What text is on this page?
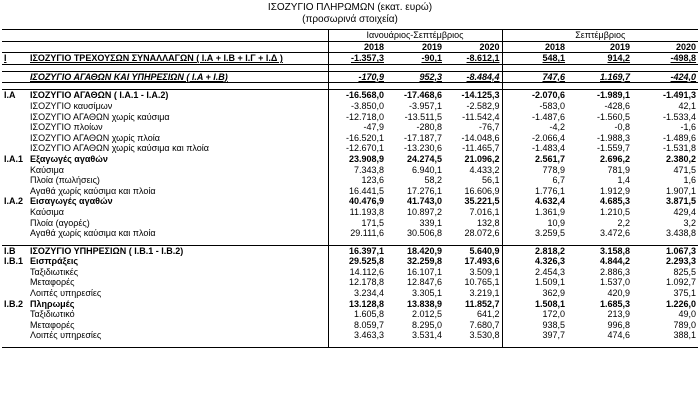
ΙΣΟΖΥΓΙΟ ΠΛΗΡΩΜΩΝ (εκατ. ευρώ)
(προσωρινά στοιχεία)
		Ιανουάριος-Σεπτέμβριος			Σεπτέμβριος		
		2018	2019	2020	2018	2019	2020
I	ΙΣΟΖΥΓΙΟ ΤΡΕΧΟΥΣΩΝ ΣΥΝΑΛΛΑΓΩΝ ( Ι.Α + Ι.Β + Ι.Γ + Ι.Δ )	-1.357,3	-90,1	-8.612,1	548,1	914,2	-498,8

	ΙΣΟΖΥΓΙΟ ΑΓΑΘΩΝ ΚΑΙ ΥΠΗΡΕΣΙΩΝ ( Ι.Α + Ι.Β)	-170,9	952,3	-8.484,4	747,6	1.169,7	-424,0

I.A	ΙΣΟΖΥΓΙΟ ΑΓΑΘΩΝ ( Ι.Α.1 - Ι.Α.2)	-16.568,0	-17.468,6	-14.125,3	-2.070,6	-1.989,1	-1.491,3
	ΙΣΟΖΥΓΙΟ καυσίμων	-3.850,0	-3.957,1	-2.582,9	-583,0	-428,6	42,1
	ΙΣΟΖΥΓΙΟ ΑΓΑΘΩΝ χωρίς καύσιμα	-12.718,0	-13.511,5	-11.542,4	-1.487,6	-1.560,5	-1.533,4
	ΙΣΟΖΥΓΙΟ πλοίων	-47,9	-280,8	-76,7	-4,2	-0,8	-1,6
	ΙΣΟΖΥΓΙΟ ΑΓΑΘΩΝ χωρίς πλοία	-16.520,1	-17.187,7	-14.048,6	-2.066,4	-1.988,3	-1.489,6
	ΙΣΟΖΥΓΙΟ ΑΓΑΘΩΝ χωρίς καύσιμα και πλοία	-12.670,1	-13.230,6	-11.465,7	-1.483,4	-1.559,7	-1.531,8
I.A.1	Εξαγωγές αγαθών	23.908,9	24.274,5	21.096,2	2.561,7	2.696,2	2.380,2
	Καύσιμα	7.343,8	6.940,1	4.433,2	778,9	781,9	471,5
	Πλοία (πωλήσεις)	123,6	58,2	56,1	6,7	1,4	1,6
	Αγαθά χωρίς καύσιμα και πλοία	16.441,5	17.276,1	16.606,9	1.776,1	1.912,9	1.907,1
I.A.2	Εισαγωγές αγαθών	40.476,9	41.743,0	35.221,5	4.632,4	4.685,3	3.871,5
	Καύσιμα	11.193,8	10.897,2	7.016,1	1.361,9	1.210,5	429,4
	Πλοία (αγορές)	171,5	339,1	132,8	10,9	2,2	3,2
	Αγαθά χωρίς καύσιμα και πλοία	29.111,6	30.506,8	28.072,6	3.259,5	3.472,6	3.438,8

I.B	ΙΣΟΖΥΓΙΟ ΥΠΗΡΕΣΙΩΝ ( Ι.Β.1 - Ι.Β.2)	16.397,1	18.420,9	5.640,9	2.818,2	3.158,8	1.067,3
I.B.1	Εισπράξεις	29.525,8	32.259,8	17.493,6	4.326,3	4.844,2	2.293,3
	Ταξιδιωτικές	14.112,6	16.107,1	3.509,1	2.454,3	2.886,3	825,5
	Μεταφορές	12.178,8	12.847,6	10.765,1	1.509,1	1.537,0	1.092,7
	Λοιπές υπηρεσίες	3.234,4	3.305,1	3.219,1	362,9	420,9	375,1
I.B.2	Πληρωμές	13.128,8	13.838,9	11.852,7	1.508,1	1.685,3	1.226,0
	Ταξιδιωτικό	1.605,8	2.012,5	641,2	172,0	213,9	49,0
	Μεταφορές	8.059,7	8.295,0	7.680,7	938,5	996,8	789,0
	Λοιπές υπηρεσίες	3.463,3	3.531,4	3.530,8	397,7	474,6	388,1
